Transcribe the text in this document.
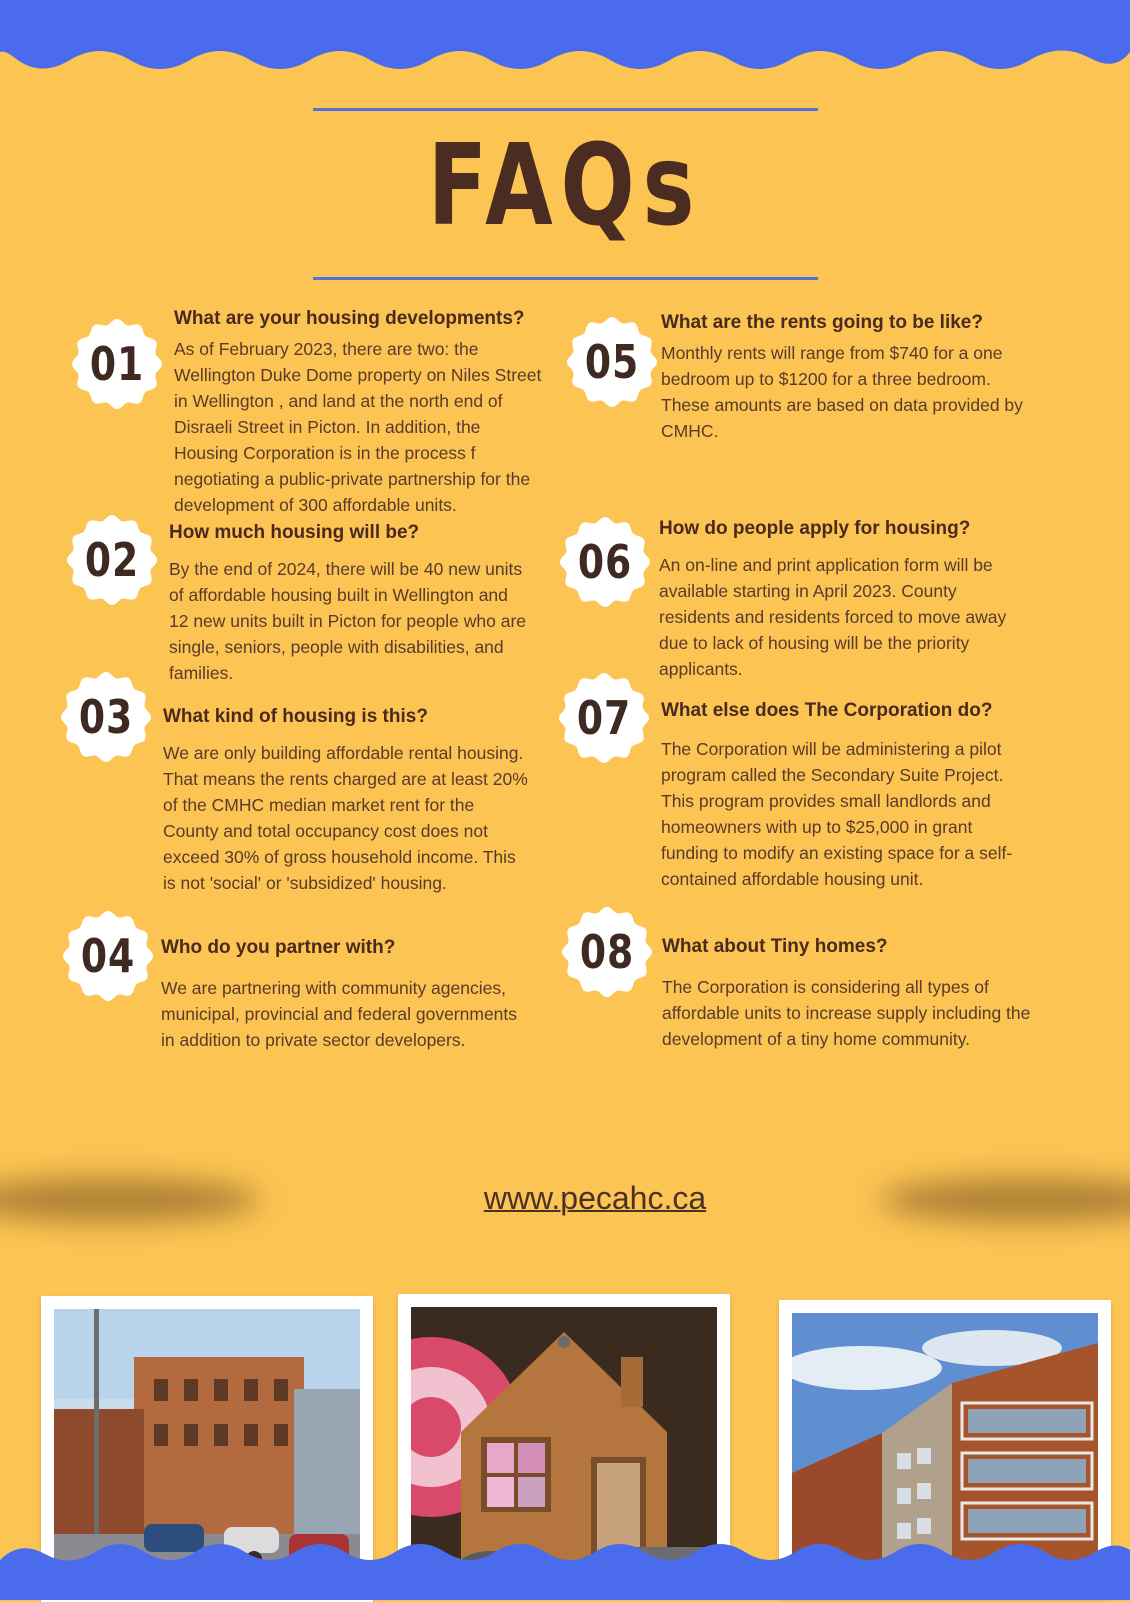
FAQs
01

What are your housing developments?

As of February 2023, there are two: the Wellington Duke Dome property on Niles Street in Wellington , and land at the north end of Disraeli Street in Picton. In addition, the Housing Corporation is in the process f negotiating a public-private partnership for the development of 300 affordable units.

02

How much housing will be?

By the end of 2024, there will be 40 new units of affordable housing built in Wellington and 12 new units built in Picton for people who are single, seniors, people with disabilities, and families.

03	What kind of housing is this?

We are only building affordable rental housing. That means the rents charged are at least 20% of the CMHC median market rent for the County and total occupancy cost does not exceed 30% of gross household income. This is not 'social' or 'subsidized' housing.

04	Who do you partner with?

We are partnering with community agencies, municipal, provincial and federal governments in addition to private sector developers.

05

What are the rents going to be like?

Monthly rents will range from $740 for a one bedroom up to $1200 for a three bedroom. These amounts are based on data provided by CMHC.

06

How do people apply for housing?

An on-line and print application form will be available starting in April 2023. County residents and residents forced to move away due to lack of housing will be the priority applicants.

07	What else does The Corporation do?

The Corporation will be administering a pilot program called the Secondary Suite Project. This program provides small landlords and homeowners with up to $25,000 in grant funding to modify an existing space for a self-contained affordable housing unit.

08	What about Tiny homes?

The Corporation is considering all types of affordable units to increase supply including the development of a tiny home community.

www.pecahc.ca
